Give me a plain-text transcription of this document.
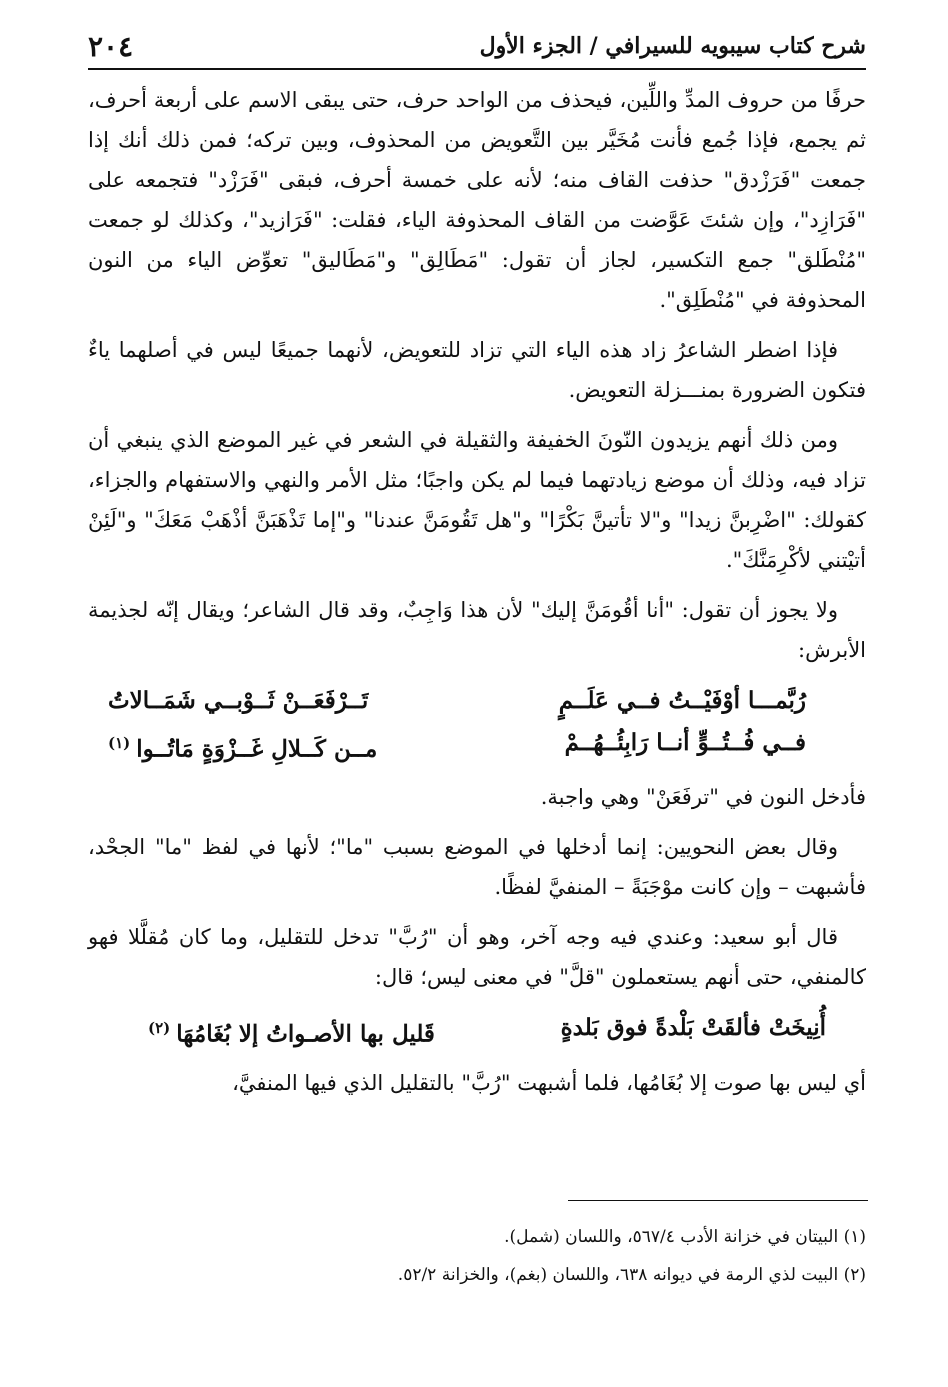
شرح كتاب سيبويه للسيرافي / الجزء الأول
٢٠٤

حرفًا من حروف المدِّ واللِّين، فيحذف من الواحد حرف، حتى يبقى الاسم على أربعة أحرف، ثم يجمع، فإذا جُمع فأنت مُخَيَّر بين التَّعويض من المحذوف، وبين تركه؛ فمن ذلك أنك إذا جمعت "فَرَزْدق" حذفت القاف منه؛ لأنه على خمسة أحرف، فبقى "فَرَزْد" فتجمعه على "فَرَازِد"، وإن شئتَ عَوَّضت من القاف المحذوفة الياء، فقلت: "فَرَازيد"، وكذلك لو جمعت "مُنْطَلق" جمع التكسير، لجاز أن تقول: "مَطَالِق" و"مَطَاليق" تعوِّض الياء من النون المحذوفة في "مُنْطَلِق".

فإذا اضطر الشاعرُ زاد هذه الياء التي تزاد للتعويض، لأنهما جميعًا ليس في أصلهما ياءٌ فتكون الضرورة بمنـــزلة التعويض.

ومن ذلك أنهم يزيدون النّونَ الخفيفة والثقيلة في الشعر في غير الموضع الذي ينبغي أن تزاد فيه، وذلك أن موضع زيادتهما فيما لم يكن واجبًا؛ مثل الأمر والنهي والاستفهام والجزاء، كقولك: "اضْرِبنَّ زيدا" و"لا تأتينَّ بَكْرًا" و"هل تَقُومَنَّ عندنا" و"إما تَذْهَبَنَّ أذْهَبْ مَعَكَ" و"لَئِنْ أتيْتني لأكْرِمَنَّكَ".

ولا يجوز أن تقول: "أنا أقُومَنَّ إليك" لأن هذا وَاجِبٌ، وقد قال الشاعر؛ ويقال إنّه لجذيمة الأبرش:

رُبَّمـــا أوْفَيْــتُ فــي عَلَــمٍ
تَــرْفَعَــنْ ثَــوْبــي شَمَــالاتُ
فــي فُــتُــوٍّ أنــا رَابِئُــهُــمْ
مــن كَــلالِ غَــزْوَةٍ مَاتُــوا$^{(١)}$

فأدخل النون في "ترفَعَنْ" وهي واجبة.

وقال بعض النحويين: إنما أدخلها في الموضع بسبب "ما"؛ لأنها في لفظ "ما" الجحْد، فأشبهت – وإن كانت موْجَبَةً – المنفيَّ لفظًا.

قال أبو سعيد: وعندي فيه وجه آخر، وهو أن "رُبَّ" تدخل للتقليل، وما كان مُقلَّلا فهو كالمنفي، حتى أنهم يستعملون "قلَّ" في معنى ليس؛ قال:

أُنِيخَتْ فألقَتْ بَلْدةً فوق بَلدةٍ
قَليل بها الأصـواتُ إلا بُغَامُهَا$^{(٢)}$

أي ليس بها صوت إلا بُغَامُها، فلما أشبهت "رُبَّ" بالتقليل الذي فيها المنفيَّ،

(١) البيتان في خزانة الأدب ٥٦٧/٤، واللسان (شمل).
(٢) البيت لذي الرمة في ديوانه ٦٣٨، واللسان (بغم)، والخزانة ٥٢/٢.
